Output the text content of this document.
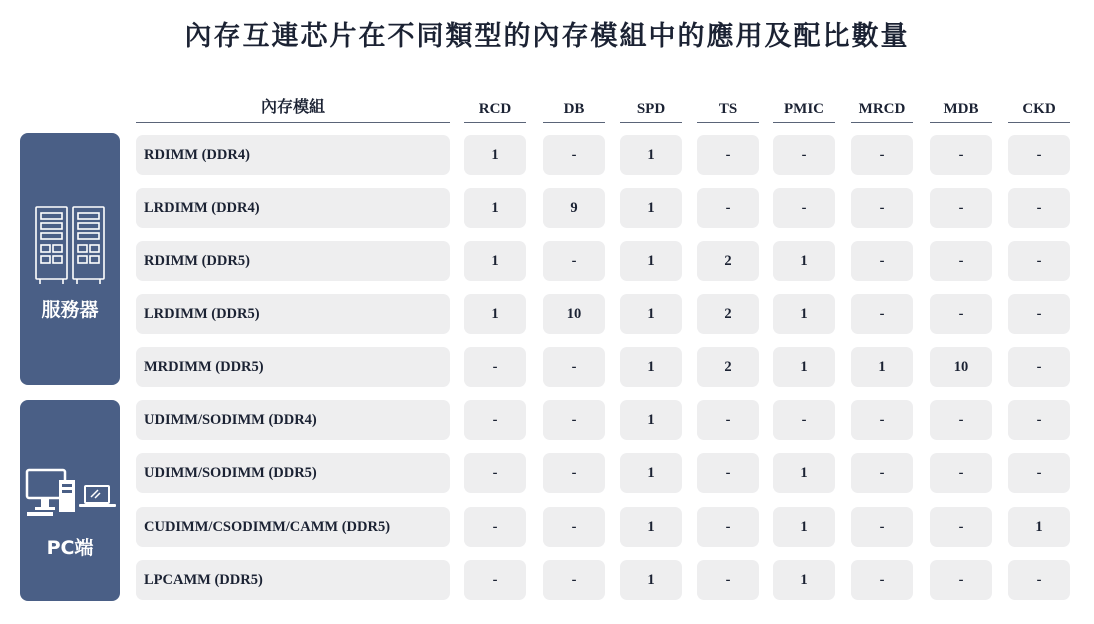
內存互連芯片在不同類型的內存模組中的應用及配比數量
內存模組	RCD	DB	SPD	TS	PMIC	MRCD	MDB	CKD
服務器
PC端
RDIMM (DDR4)	1	-	1	-	-	-	-	-
LRDIMM (DDR4)	1	9	1	-	-	-	-	-
RDIMM (DDR5)	1	-	1	2	1	-	-	-
LRDIMM (DDR5)	1	10	1	2	1	-	-	-
MRDIMM (DDR5)	-	-	1	2	1	1	10	-
UDIMM/SODIMM (DDR4)	-	-	1	-	-	-	-	-
UDIMM/SODIMM (DDR5)	-	-	1	-	1	-	-	-
CUDIMM/CSODIMM/CAMM (DDR5)	-	-	1	-	1	-	-	1
LPCAMM (DDR5)	-	-	1	-	1	-	-	-
